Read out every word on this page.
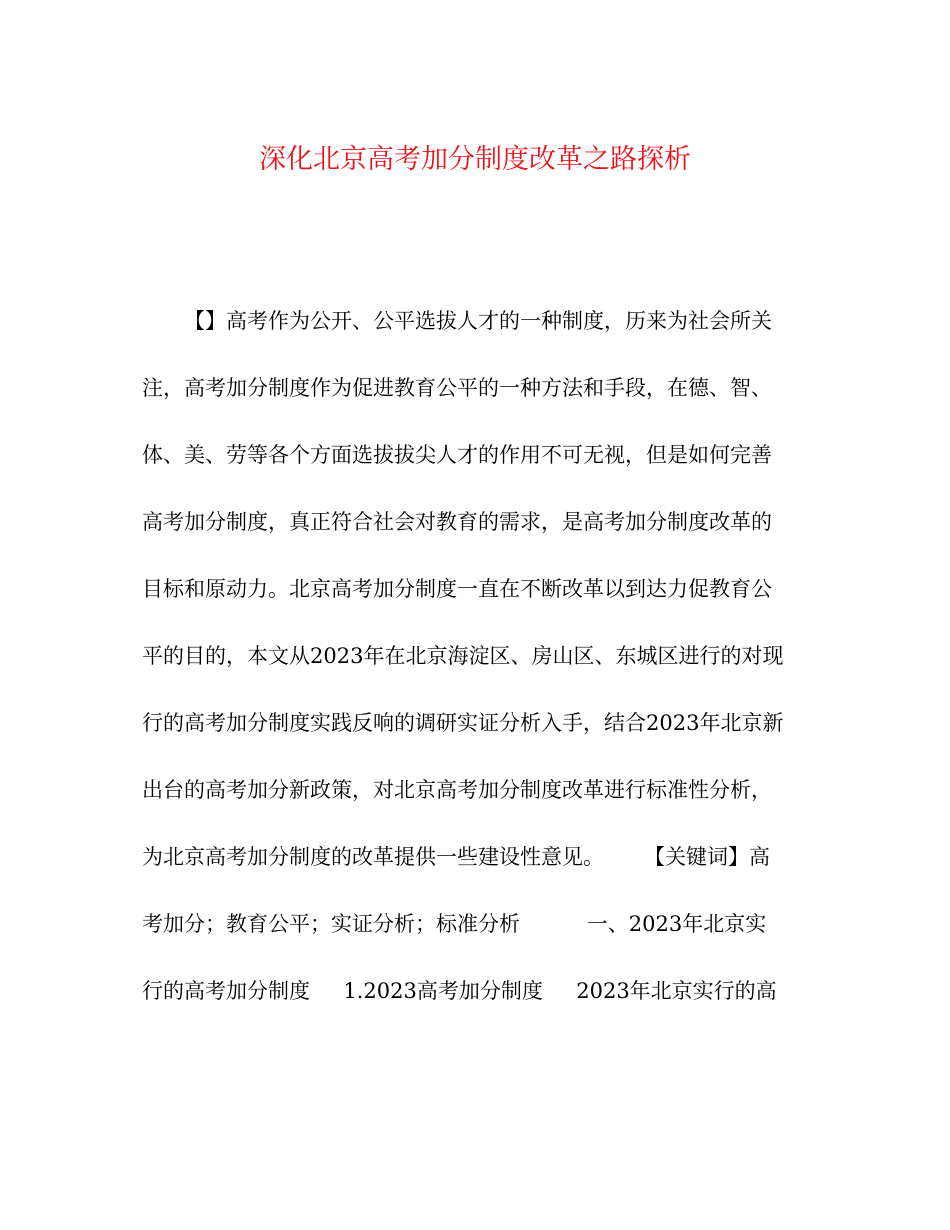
深化北京高考加分制度改革之路探析
【】高考作为公开、公平选拔人才的一种制度，历来为社会所关
注，高考加分制度作为促进教育公平的一种方法和手段，在德、智、
体、美、劳等各个方面选拔拔尖人才的作用不可无视，但是如何完善
高考加分制度，真正符合社会对教育的需求，是高考加分制度改革的
目标和原动力。北京高考加分制度一直在不断改革以到达力促教育公
平的目的，本文从2023年在北京海淀区、房山区、东城区进行的对现
行的高考加分制度实践反响的调研实证分析入手，结合2023年北京新
出台的高考加分新政策，对北京高考加分制度改革进行标准性分析，
为北京高考加分制度的改革提供一些建设性意见。      【关键词】高
考加分；教育公平；实证分析；标准分析          一、2023年北京实
行的高考加分制度     1.2023高考加分制度     2023年北京实行的高
